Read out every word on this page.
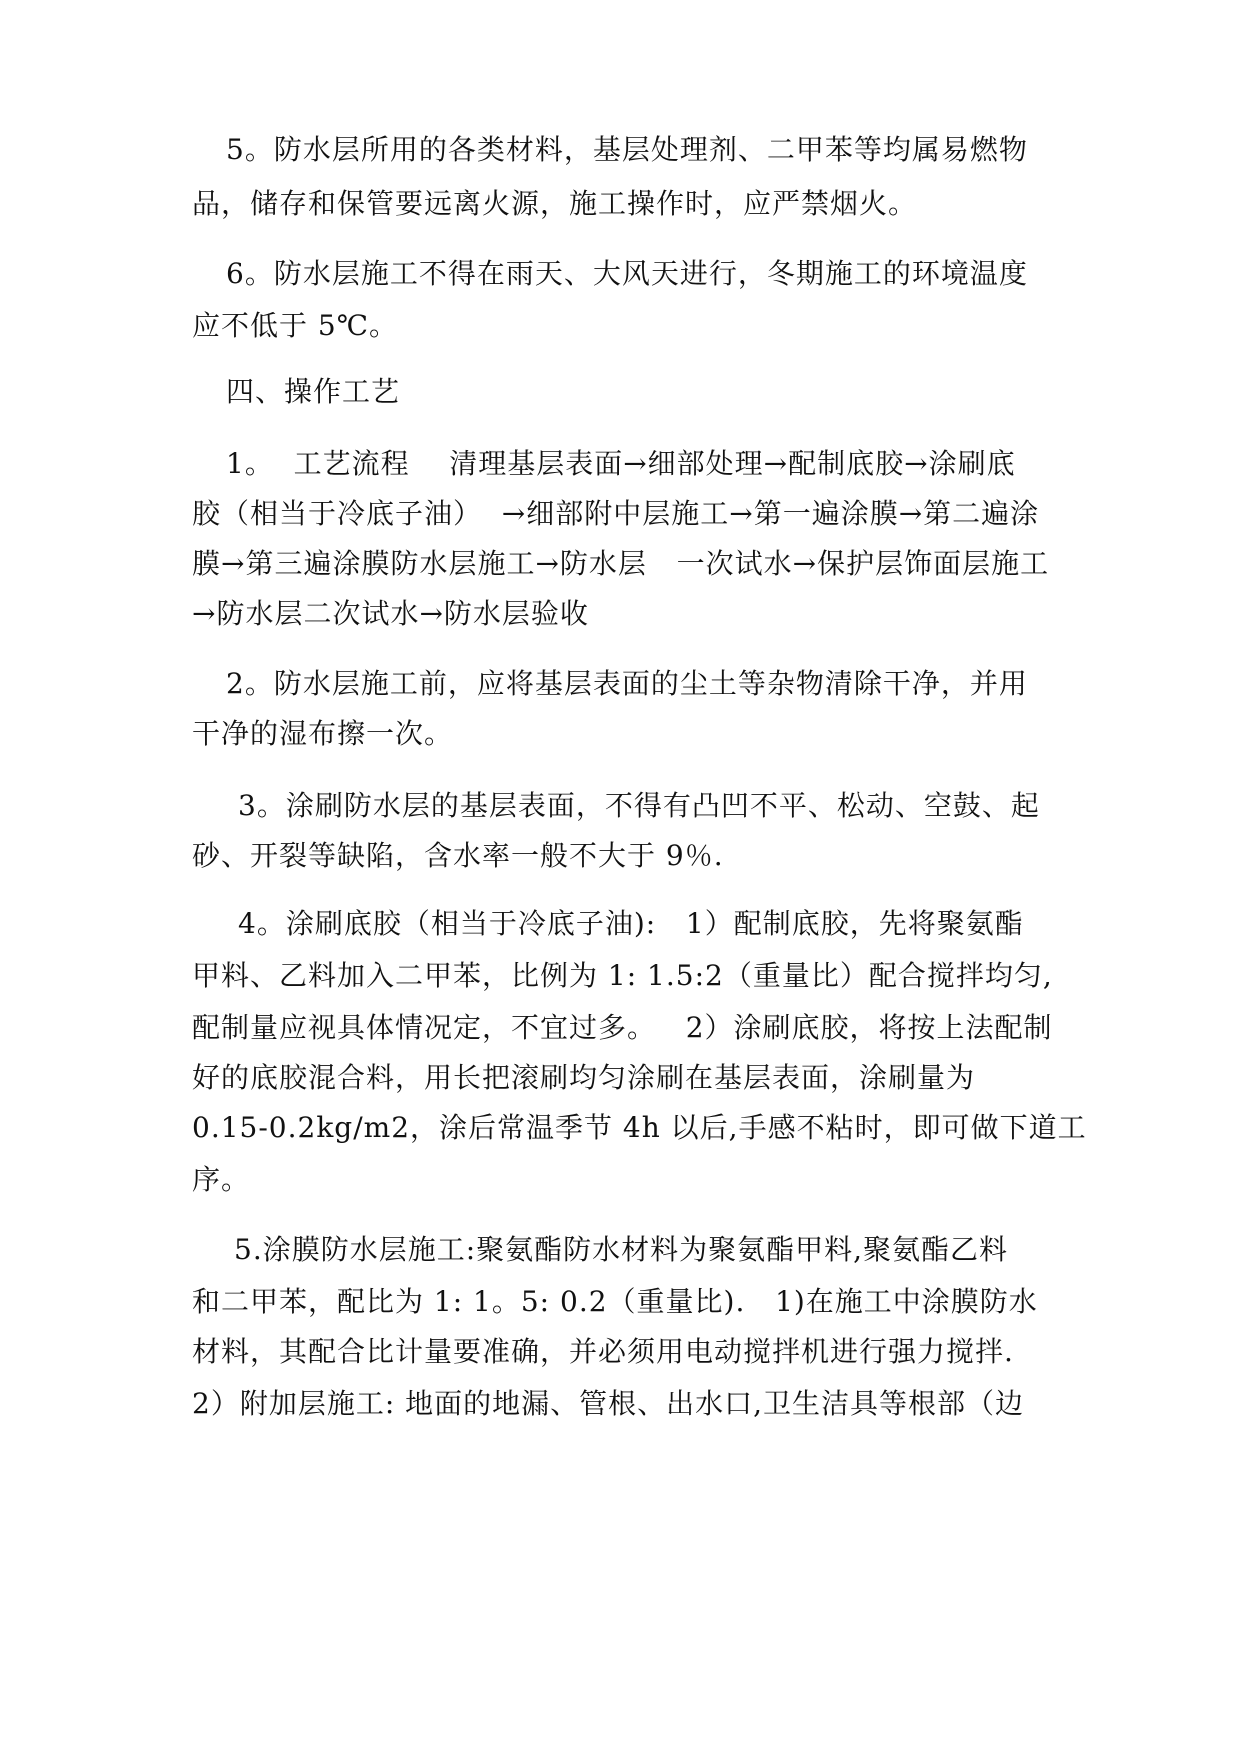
5。防水层所用的各类材料，基层处理剂、二甲苯等均属易燃物
品，储存和保管要远离火源，施工操作时，应严禁烟火。
6。防水层施工不得在雨天、大风天进行，冬期施工的环境温度
应不低于 5℃。
四、操作工艺
1。  工艺流程    清理基层表面→细部处理→配制底胶→涂刷底
胶（相当于冷底子油）  →细部附中层施工→第一遍涂膜→第二遍涂
膜→第三遍涂膜防水层施工→防水层   一次试水→保护层饰面层施工
→防水层二次试水→防水层验收
2。防水层施工前，应将基层表面的尘土等杂物清除干净，并用
干净的湿布擦一次。
3。涂刷防水层的基层表面，不得有凸凹不平、松动、空鼓、起
砂、开裂等缺陷，含水率一般不大于 9％.
4。涂刷底胶（相当于冷底子油):   1）配制底胶，先将聚氨酯
甲料、乙料加入二甲苯，比例为 1: 1.5:2（重量比）配合搅拌均匀,
配制量应视具体情况定，不宜过多。   2）涂刷底胶，将按上法配制
好的底胶混合料，用长把滚刷均匀涂刷在基层表面，涂刷量为
0.15-0.2kg/m2，涂后常温季节 4h 以后,手感不粘时，即可做下道工
序。
5.涂膜防水层施工:聚氨酯防水材料为聚氨酯甲料,聚氨酯乙料
和二甲苯，配比为 1: 1。5: 0.2（重量比).   1)在施工中涂膜防水
材料，其配合比计量要准确，并必须用电动搅拌机进行强力搅拌.
2）附加层施工: 地面的地漏、管根、出水口,卫生洁具等根部（边
